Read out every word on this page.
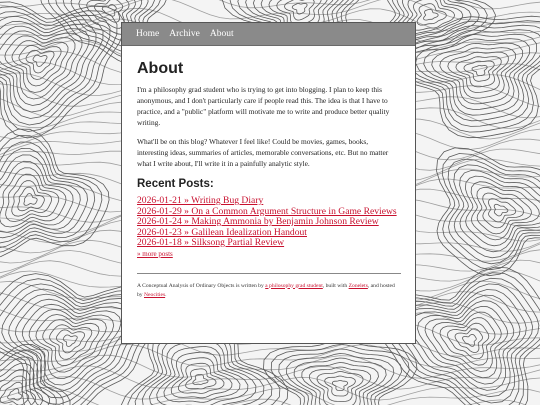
Home Archive About
About

I'm a philosophy grad student who is trying to get into blogging. I plan to keep this anonymous, and I don't particularly care if people read this. The idea is that I have to practice, and a "public" platform will motivate me to write and produce better quality writing.

What'll be on this blog? Whatever I feel like! Could be movies, games, books, interesting ideas, summaries of articles, memorable conversations, etc. But no matter what I write about, I'll write it in a painfully analytic style.

Recent Posts:
2026-01-21 » Writing Bug Diary
2026-01-29 » On a Common Argument Structure in Game Reviews
2026-01-24 » Making Ammonia by Benjamin Johnson Review
2026-01-23 » Galilean Idealization Handout
2026-01-18 » Silksong Partial Review
» more posts
A Conceptual Analysis of Ordinary Objects is written by a philosophy grad student, built with Zonelets, and hosted by Neocities.
